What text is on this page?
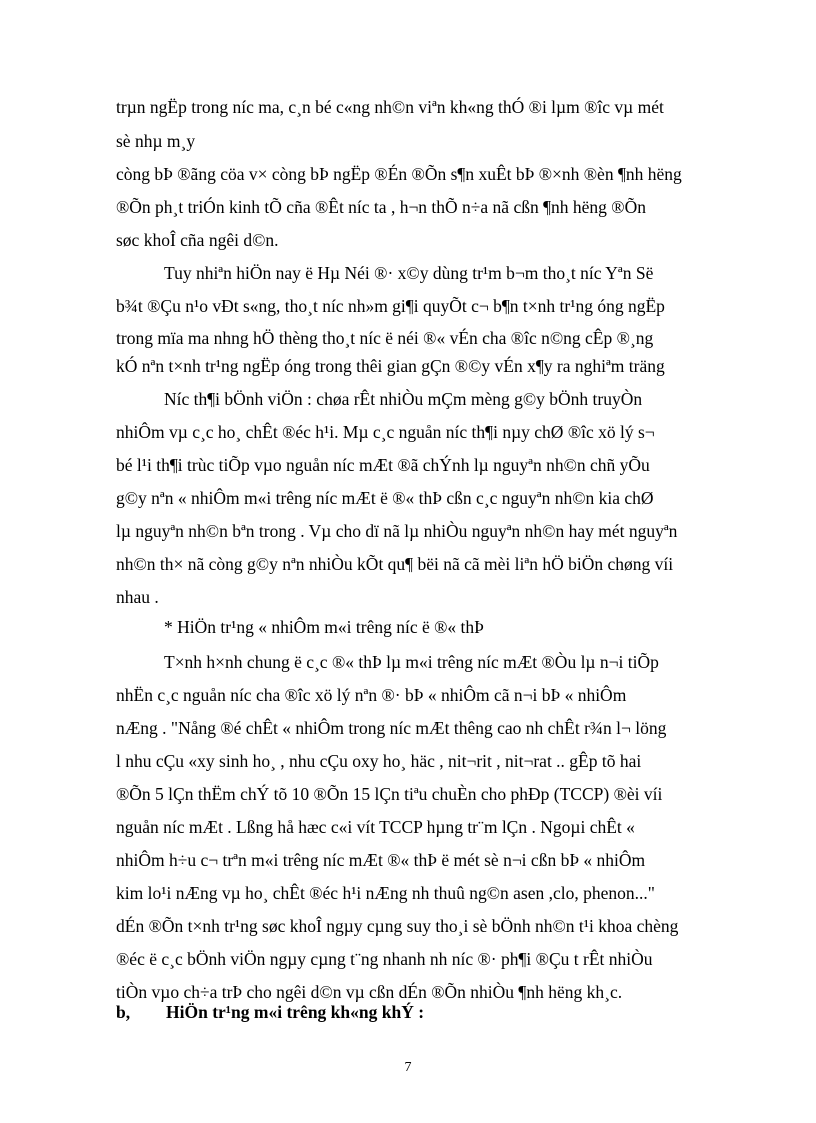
trµn ngËp trong níc ma, c¸n bé c«ng nh©n viªn kh«ng thÓ ®i lµm ®îc vµ mét
sè nhµ m¸y
còng bÞ ®ãng cöa v× còng bÞ ngËp ®Én ®Õn s¶n xuÊt bÞ ®×nh ®èn ¶nh hëng
®Õn ph¸t triÓn kinh tÕ cña ®Êt níc ta , h¬n thÕ n÷a nã cßn ¶nh hëng ®Õn
søc khoÎ cña ngêi d©n.
Tuy nhiªn hiÖn nay ë Hµ Néi ®· x©y dùng tr¹m b¬m tho¸t níc Yªn Së
b¾t ®Çu n¹o vÐt s«ng, tho¸t níc nh»m gi¶i quyÕt c¬ b¶n t×nh tr¹ng óng ngËp
trong mïa ma nhng hÖ thèng tho¸t níc ë néi ®« vÉn cha ®îc n©ng cÊp ®¸ng
kÓ nªn t×nh tr¹ng ngËp óng trong thêi gian gÇn ®©y vÉn x¶y ra nghiªm träng
Níc th¶i bÖnh viÖn : chøa rÊt nhiÒu mÇm mèng g©y bÖnh truyÒn
nhiÔm vµ c¸c ho¸ chÊt ®éc h¹i. Mµ c¸c nguån níc th¶i nµy chØ ®îc xö lý s¬
bé l¹i th¶i trùc tiÕp vµo nguån níc mÆt ®ã chÝnh lµ nguyªn nh©n chñ yÕu
g©y nªn « nhiÔm m«i trêng níc mÆt ë ®« thÞ cßn c¸c nguyªn nh©n kia chØ
lµ nguyªn nh©n bªn trong . Vµ cho dï nã lµ nhiÒu nguyªn nh©n hay mét nguyªn
nh©n th× nã còng g©y nªn nhiÒu kÕt qu¶ bëi nã cã mèi liªn hÖ biÖn chøng víi
nhau .
* HiÖn tr¹ng « nhiÔm m«i trêng níc ë ®« thÞ
T×nh h×nh chung ë c¸c ®« thÞ lµ m«i trêng níc mÆt ®Òu lµ n¬i tiÕp
nhËn c¸c nguån níc cha ®îc xö lý nªn ®· bÞ « nhiÔm cã n¬i bÞ « nhiÔm
nÆng . "Nång ®é chÊt « nhiÔm trong níc mÆt thêng cao nh chÊt r¾n l¬ löng
l nhu cÇu «xy sinh ho¸ , nhu cÇu oxy ho¸ häc , nit¬rit , nit¬rat .. gÊp tõ hai
®Õn 5 lÇn thËm chÝ tõ 10 ®Õn 15 lÇn tiªu chuÈn cho phÐp (TCCP) ®èi víi
nguån níc mÆt . Lßng hå hæc c«i vít TCCP hµng tr¨m lÇn . Ngoµi chÊt «
nhiÔm h÷u c¬ trªn m«i trêng níc mÆt ®« thÞ ë mét sè n¬i cßn bÞ « nhiÔm
kim lo¹i nÆng vµ ho¸ chÊt ®éc h¹i nÆng nh thuû ng©n asen ,clo, phenon..."
dÉn ®Õn t×nh tr¹ng søc khoÎ ngµy cµng suy tho¸i sè bÖnh nh©n t¹i khoa chèng
®éc ë c¸c bÖnh viÖn ngµy cµng t¨ng nhanh nh níc ®· ph¶i ®Çu t rÊt nhiÒu
tiÒn vµo ch÷a trÞ cho ngêi d©n vµ cßn dÉn ®Õn nhiÒu ¶nh hëng kh¸c.
b, HiÖn tr¹ng m«i trêng kh«ng khÝ :
7
